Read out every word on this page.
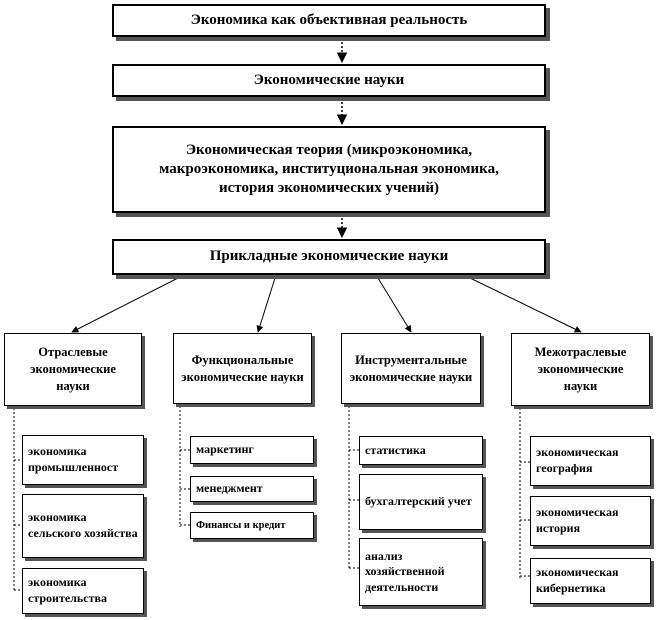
Экономика как объективная реальность
Экономические науки
Экономическая теория (микроэкономика, макроэкономика, институциональная экономика, история экономических учений)
Прикладные экономические науки
Отраслевые экономические науки
Функциональные экономические науки
Инструментальные экономические науки
Межотраслевые экономические науки
экономика промышленност
экономика сельского хозяйства
экономика строительства
маркетинг
менеджмент
Финансы и кредит
статистика
бухгалтерский учет
анализ хозяйственной деятельности
экономическая география
экономическая история
экономическая кибернетика
